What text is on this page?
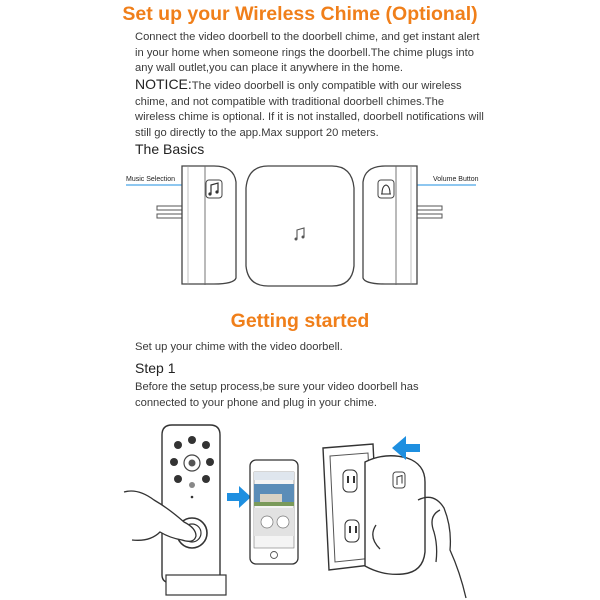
Set up your Wireless Chime (Optional)
Connect the video doorbell to the doorbell chime, and get instant alert in your home when someone rings the doorbell.The chime plugs into any wall outlet,you can place it anywhere in the home.
NOTICE:The video doorbell is only compatible with our wireless chime, and not compatible with traditional doorbell chimes.The wireless chime is optional. If it is not installed, doorbell notifications will still go directly to the app.Max support 20 meters.
The Basics
Music Selection	Volume Button
Getting started
Set up your chime with the video doorbell.
Step 1
Before the setup process,be sure your video doorbell has connected to your phone and plug in your chime.
